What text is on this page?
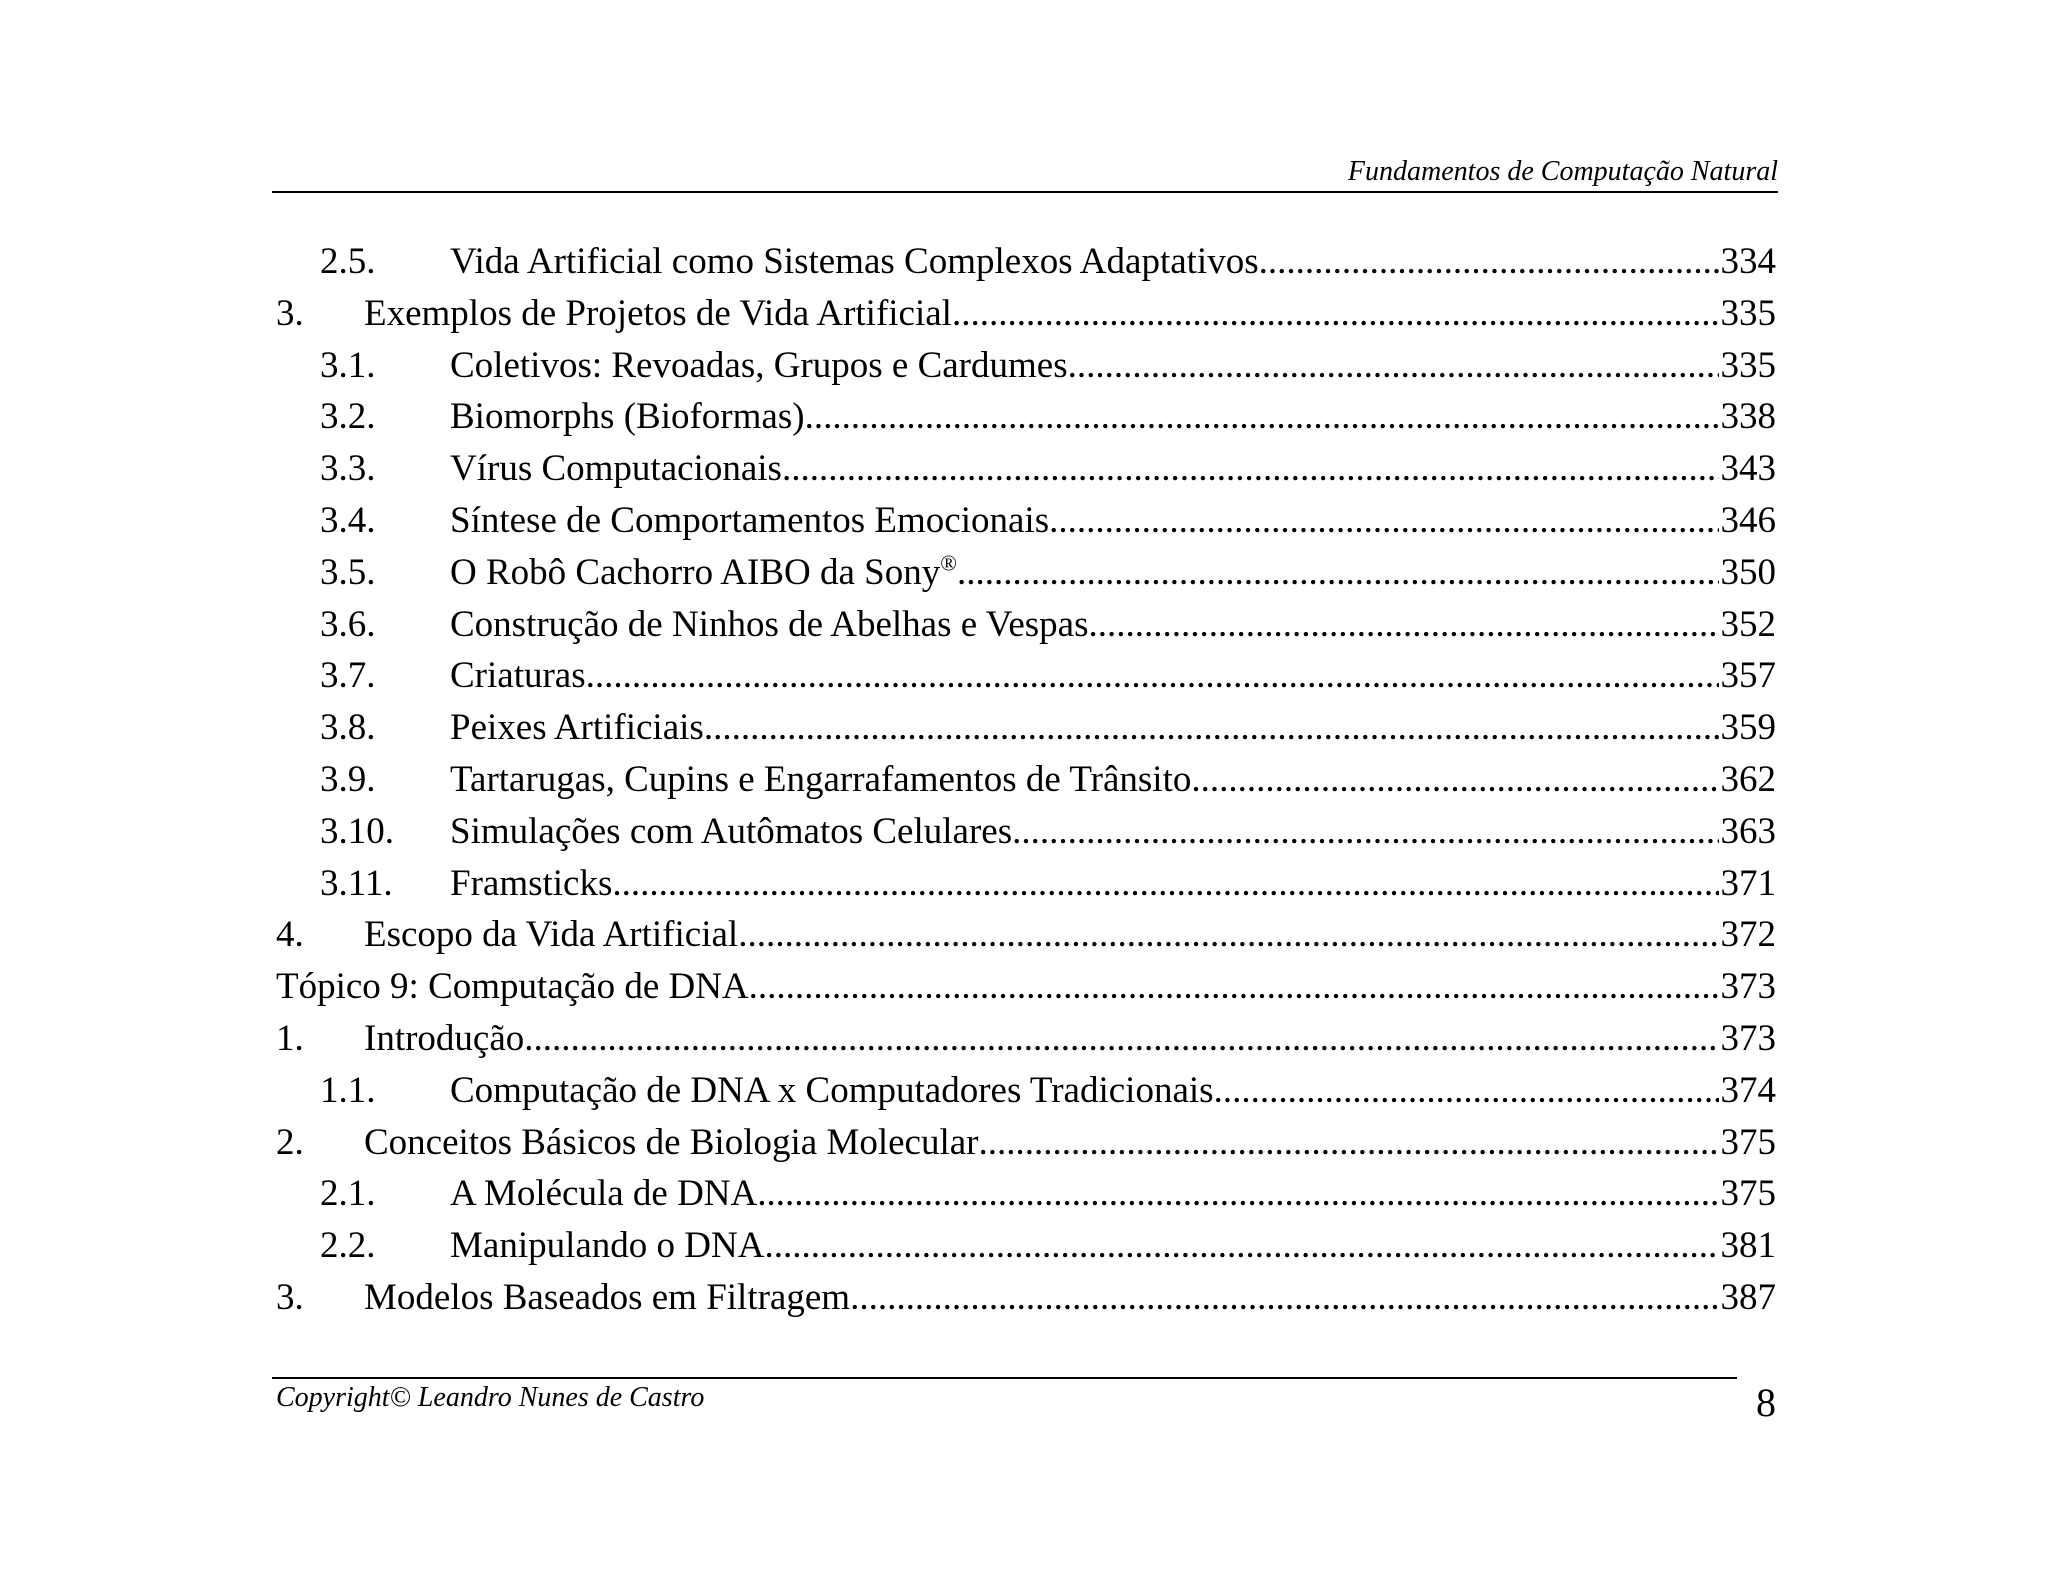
Fundamentos de Computação Natural
2.5.	Vida Artificial como Sistemas Complexos Adaptativos .....	334
3.	Exemplos de Projetos de Vida Artificial .....	335
3.1.	Coletivos: Revoadas, Grupos e Cardumes .....	335
3.2.	Biomorphs (Bioformas) .....	338
3.3.	Vírus Computacionais .....	343
3.4.	Síntese de Comportamentos Emocionais .....	346
3.5.	O Robô Cachorro AIBO da Sony® .....	350
3.6.	Construção de Ninhos de Abelhas e Vespas .....	352
3.7.	Criaturas .....	357
3.8.	Peixes Artificiais .....	359
3.9.	Tartarugas, Cupins e Engarrafamentos de Trânsito .....	362
3.10.	Simulações com Autômatos Celulares .....	363
3.11.	Framsticks .....	371
4.	Escopo da Vida Artificial .....	372
Tópico 9: Computação de DNA .....	373
1.	Introdução .....	373
1.1.	Computação de DNA x Computadores Tradicionais .....	374
2.	Conceitos Básicos de Biologia Molecular .....	375
2.1.	A Molécula de DNA .....	375
2.2.	Manipulando o DNA .....	381
3.	Modelos Baseados em Filtragem .....	387
Copyright© Leandro Nunes de Castro	8
